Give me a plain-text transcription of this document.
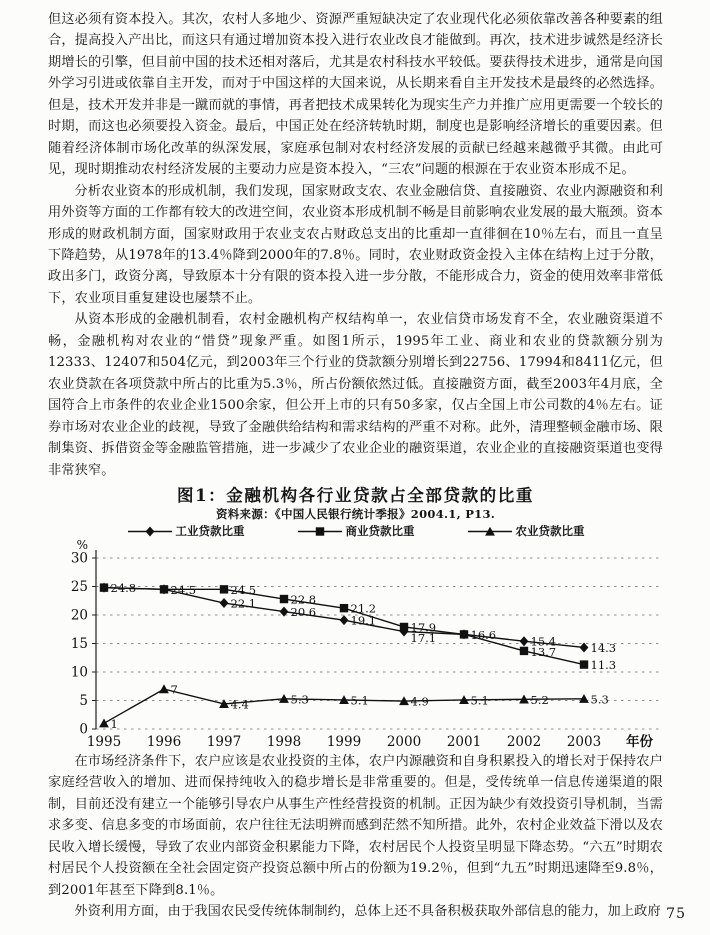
但这必须有资本投入。其次，农村人多地少、资源严重短缺决定了农业现代化必须依靠改善各种要素的组合，提高投入产出比，而这只有通过增加资本投入进行农业改良才能做到。再次，技术进步诚然是经济长期增长的引擎，但目前中国的技术还相对落后，尤其是农村科技水平较低。要获得技术进步，通常是向国外学习引进或依靠自主开发，而对于中国这样的大国来说，从长期来看自主开发技术是最终的必然选择。但是，技术开发并非是一蹴而就的事情，再者把技术成果转化为现实生产力并推广应用更需要一个较长的时期，而这也必须要投入资金。最后，中国正处在经济转轨时期，制度也是影响经济增长的重要因素。但随着经济体制市场化改革的纵深发展，家庭承包制对农村经济发展的贡献已经越来越微乎其微。由此可见，现时期推动农村经济发展的主要动力应是资本投入，“三农”问题的根源在于农业资本形成不足。

分析农业资本的形成机制，我们发现，国家财政支农、农业金融信贷、直接融资、农业内源融资和利用外资等方面的工作都有较大的改进空间，农业资本形成机制不畅是目前影响农业发展的最大瓶颈。资本形成的财政机制方面，国家财政用于农业支农占财政总支出的比重却一直徘徊在10％左右，而且一直呈下降趋势，从1978年的13.4％降到2000年的7.8％。同时，农业财政资金投入主体在结构上过于分散，政出多门，政资分离，导致原本十分有限的资本投入进一步分散，不能形成合力，资金的使用效率非常低下，农业项目重复建设也屡禁不止。

从资本形成的金融机制看，农村金融机构产权结构单一，农业信贷市场发育不全，农业融资渠道不畅，金融机构对农业的“惜贷”现象严重。如图1所示，1995年工业、商业和农业的贷款额分别为12333、12407和504亿元，到2003年三个行业的贷款额分别增长到22756、17994和8411亿元，但农业贷款在各项贷款中所占的比重为5.3％，所占份额依然过低。直接融资方面，截至2003年4月底，全国符合上市条件的农业企业1500余家，但公开上市的只有50多家，仅占全国上市公司数的4％左右。证券市场对农业企业的歧视，导致了金融供给结构和需求结构的严重不对称。此外，清理整顿金融市场、限制集资、拆借资金等金融监管措施，进一步减少了农业企业的融资渠道，农业企业的直接融资渠道也变得非常狭窄。

图1：金融机构各行业贷款占全部贷款的比重
资料来源：《中国人民银行统计季报》2004.1, P13.
工业贷款比重	商业贷款比重	农业贷款比重
0
5
10
15
20
25
30
%
1995 1996 1997 1998 1999 2000 2001 2002 2003 年份
22.1
20.6
19.1
17.1	15.4	14.3
24.8	24.5	24.5
22.8
21.2
17.9
16.6
13.7
11.3
1
7
4.4	5.3	5.1	4.9	5.1	5.2	5.3

在市场经济条件下，农户应该是农业投资的主体，农户内源融资和自身积累投入的增长对于保持农户家庭经营收入的增加、进而保持纯收入的稳步增长是非常重要的。但是，受传统单一信息传递渠道的限制，目前还没有建立一个能够引导农户从事生产性经营投资的机制。正因为缺少有效投资引导机制，当需求多变、信息多变的市场面前，农户往往无法明辨而感到茫然不知所措。此外，农村企业效益下滑以及农民收入增长缓慢，导致了农业内部资金积累能力下降，农村居民个人投资呈明显下降态势。“六五”时期农村居民个人投资额在全社会固定资产投资总额中所占的份额为19.2％，但到“九五”时期迅速降至9.8％，到2001年甚至下降到8.1％。

外资利用方面，由于我国农民受传统体制制约，总体上还不具备积极获取外部信息的能力，加上政府 75
